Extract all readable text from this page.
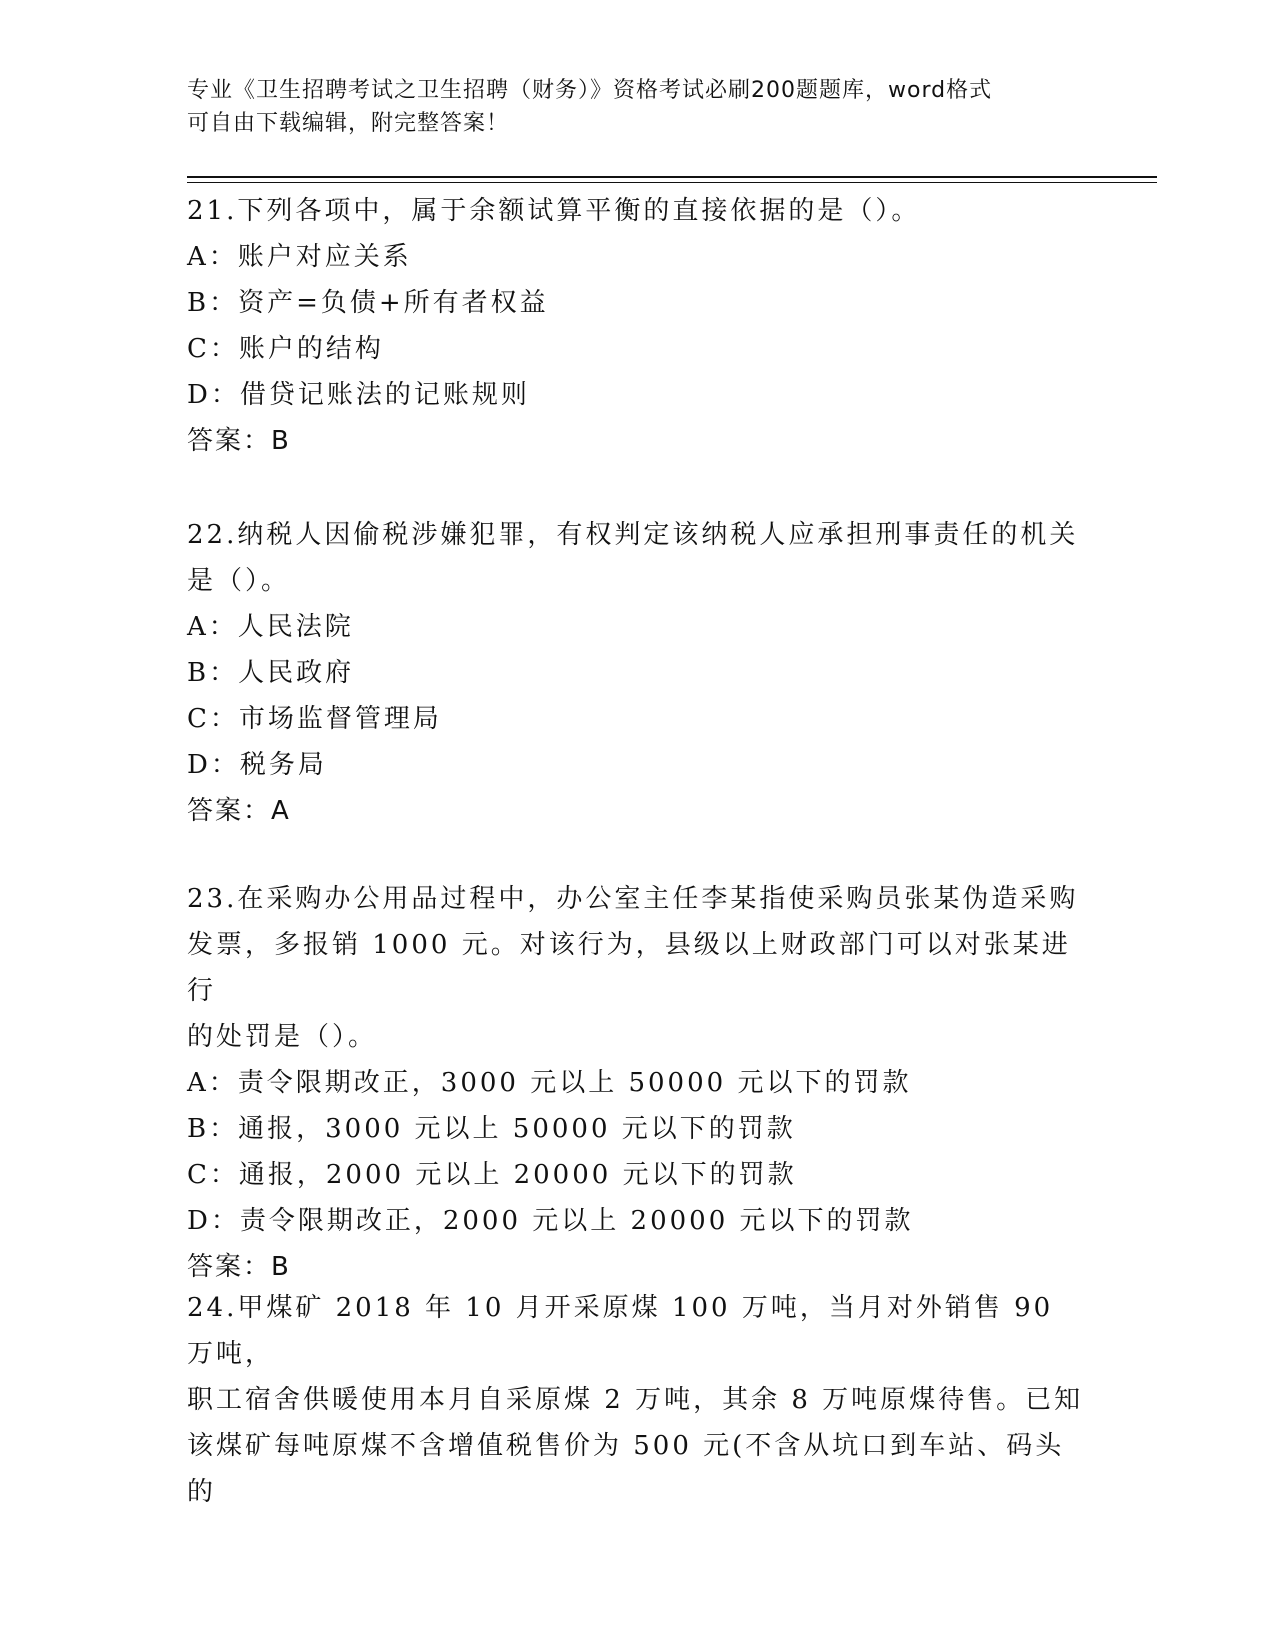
专业《卫生招聘考试之卫生招聘（财务）》资格考试必刷200题题库，word格式
可自由下载编辑，附完整答案！

21.下列各项中，属于余额试算平衡的直接依据的是（）。

A：账户对应关系

B：资产=负债+所有者权益

C：账户的结构

D：借贷记账法的记账规则

答案：B

22.纳税人因偷税涉嫌犯罪，有权判定该纳税人应承担刑事责任的机关

是（）。

A：人民法院

B：人民政府

C：市场监督管理局

D：税务局

答案：A

23.在采购办公用品过程中，办公室主任李某指使采购员张某伪造采购

发票，多报销 1000 元。对该行为，县级以上财政部门可以对张某进行

的处罚是（）。

A：责令限期改正，3000 元以上 50000 元以下的罚款

B：通报，3000 元以上 50000 元以下的罚款

C：通报，2000 元以上 20000 元以下的罚款

D：责令限期改正，2000 元以上 20000 元以下的罚款

答案：B

24.甲煤矿 2018 年 10 月开采原煤 100 万吨，当月对外销售 90 万吨，

职工宿舍供暖使用本月自采原煤 2 万吨，其余 8 万吨原煤待售。已知

该煤矿每吨原煤不含增值税售价为 500 元(不含从坑口到车站、码头的
